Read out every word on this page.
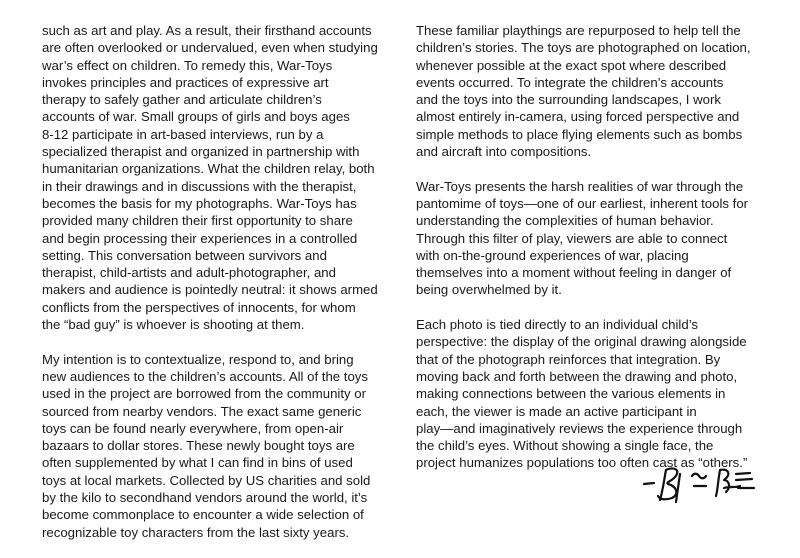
such as art and play. As a result, their firsthand accounts
are often overlooked or undervalued, even when studying
war’s effect on children. To remedy this, War-Toys
invokes principles and practices of expressive art
therapy to safely gather and articulate children’s
accounts of war. Small groups of girls and boys ages
8-12 participate in art-based interviews, run by a
specialized therapist and organized in partnership with
humanitarian organizations. What the children relay, both
in their drawings and in discussions with the therapist,
becomes the basis for my photographs. War-Toys has
provided many children their first opportunity to share
and begin processing their experiences in a controlled
setting. This conversation between survivors and
therapist, child-artists and adult-photographer, and
makers and audience is pointedly neutral: it shows armed
conflicts from the perspectives of innocents, for whom
the “bad guy” is whoever is shooting at them.

My intention is to contextualize, respond to, and bring
new audiences to the children’s accounts. All of the toys
used in the project are borrowed from the community or
sourced from nearby vendors. The exact same generic
toys can be found nearly everywhere, from open-air
bazaars to dollar stores. These newly bought toys are
often supplemented by what I can find in bins of used
toys at local markets. Collected by US charities and sold
by the kilo to secondhand vendors around the world, it’s
become commonplace to encounter a wide selection of
recognizable toy characters from the last sixty years.

These familiar playthings are repurposed to help tell the
children’s stories. The toys are photographed on location,
whenever possible at the exact spot where described
events occurred. To integrate the children’s accounts
and the toys into the surrounding landscapes, I work
almost entirely in-camera, using forced perspective and
simple methods to place flying elements such as bombs
and aircraft into compositions.

War-Toys presents the harsh realities of war through the
pantomime of toys—one of our earliest, inherent tools for
understanding the complexities of human behavior.
Through this filter of play, viewers are able to connect
with on-the-ground experiences of war, placing
themselves into a moment without feeling in danger of
being overwhelmed by it.

Each photo is tied directly to an individual child’s
perspective: the display of the original drawing alongside
that of the photograph reinforces that integration. By
moving back and forth between the drawing and photo,
making connections between the various elements in
each, the viewer is made an active participant in
play—and imaginatively reviews the experience through
the child’s eyes. Without showing a single face, the
project humanizes populations too often cast as “others.”
